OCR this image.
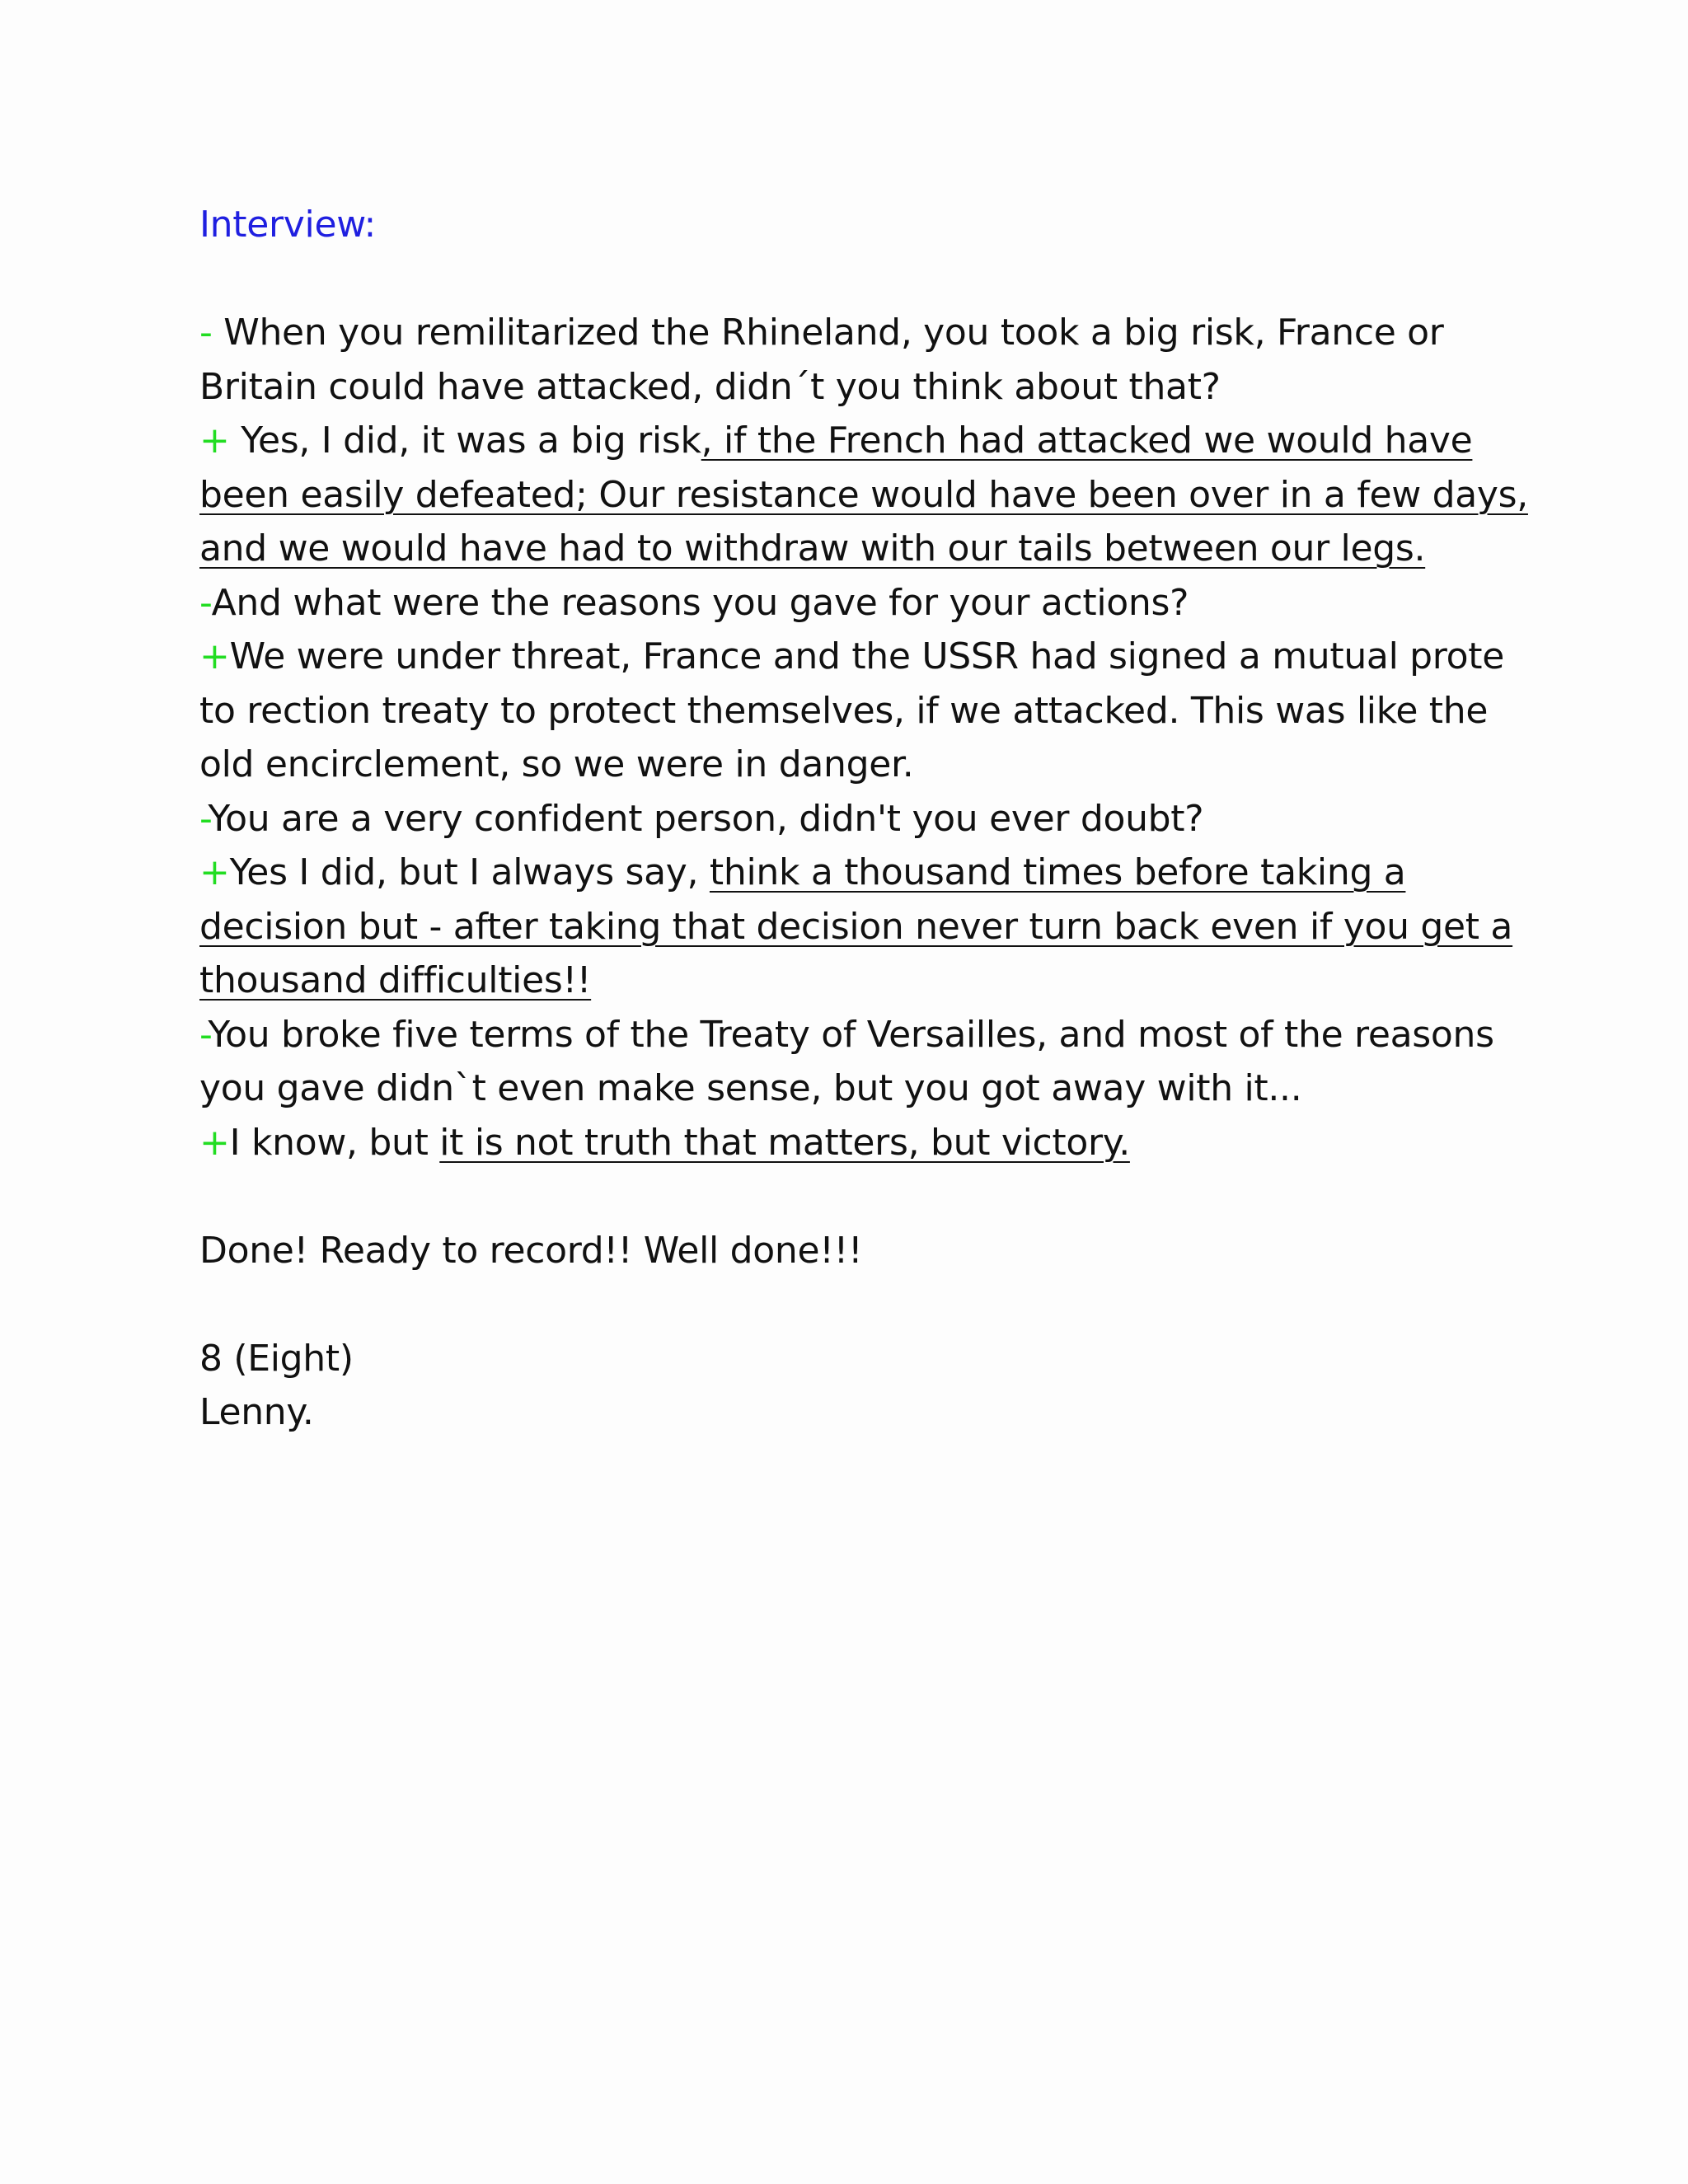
Interview:

- When you remilitarized the Rhineland, you took a big risk, France or Britain could have attacked, didn´t you think about that?

+ Yes, I did, it was a big risk, if the French had attacked we would have been easily defeated; Our resistance would have been over in a few days, and we would have had to withdraw with our tails between our legs.

-And what were the reasons you gave for your actions?

+We were under threat, France and the USSR had signed a mutual prote to rection treaty to protect themselves, if we attacked. This was like the old encirclement, so we were in danger.

-You are a very confident person, didn't you ever doubt?

+Yes I did, but I always say, think a thousand times before taking a decision but - after taking that decision never turn back even if you get a thousand difficulties!!

-You broke five terms of the Treaty of Versailles, and most of the reasons you gave didn`t even make sense, but you got away with it...

+I know, but it is not truth that matters, but victory.

Done! Ready to record!! Well done!!!

8 (Eight)

Lenny.
